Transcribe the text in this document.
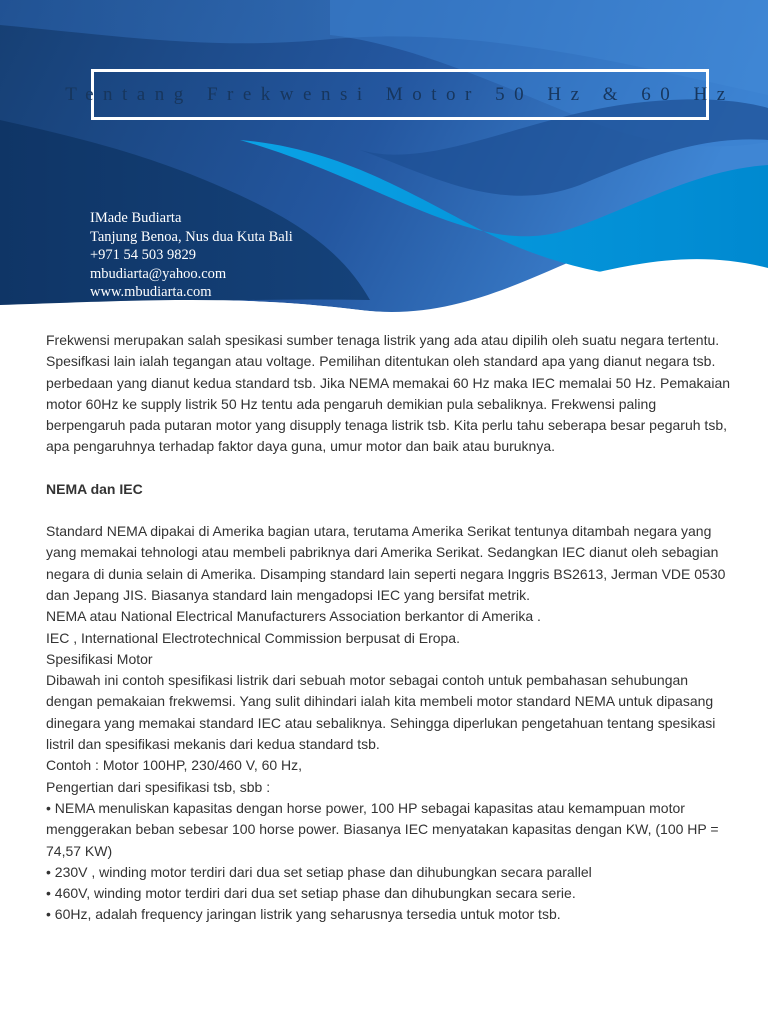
Tentang Frekwensi Motor 50 Hz & 60 Hz
IMade Budiarta
Tanjung Benoa, Nus dua Kuta Bali
+971 54 503 9829
mbudiarta@yahoo.com
www.mbudiarta.com

Frekwensi merupakan salah spesikasi sumber tenaga listrik yang ada atau dipilih oleh suatu negara tertentu. Spesifkasi lain ialah tegangan atau voltage. Pemilihan ditentukan oleh standard apa yang dianut negara tsb. perbedaan yang dianut kedua standard tsb. Jika NEMA memakai 60 Hz maka IEC memalai 50 Hz. Pemakaian motor 60Hz ke supply listrik 50 Hz tentu ada pengaruh demikian pula sebaliknya. Frekwensi paling berpengaruh pada putaran motor yang disupply tenaga listrik tsb. Kita perlu tahu seberapa besar pegaruh tsb, apa pengaruhnya terhadap faktor daya guna, umur motor dan baik atau buruknya.

NEMA dan IEC

Standard NEMA dipakai di Amerika bagian utara, terutama Amerika Serikat tentunya ditambah negara yang yang memakai tehnologi atau membeli pabriknya dari Amerika Serikat. Sedangkan IEC dianut oleh sebagian negara di dunia selain di Amerika. Disamping standard lain seperti negara Inggris BS2613, Jerman VDE 0530 dan Jepang JIS. Biasanya standard lain mengadopsi IEC yang bersifat metrik.

NEMA atau National Electrical Manufacturers Association berkantor di Amerika .

IEC , International Electrotechnical Commission berpusat di Eropa.

Spesifikasi Motor

Dibawah ini contoh spesifikasi listrik dari sebuah motor sebagai contoh untuk pembahasan sehubungan dengan pemakaian frekwemsi. Yang sulit dihindari ialah kita membeli motor standard NEMA untuk dipasang dinegara yang memakai standard IEC atau sebaliknya. Sehingga diperlukan pengetahuan tentang spesikasi listril dan spesifikasi mekanis dari kedua standard tsb.

Contoh : Motor 100HP, 230/460 V, 60 Hz,

Pengertian dari spesifikasi tsb, sbb :

• NEMA menuliskan kapasitas dengan horse power, 100 HP sebagai kapasitas atau kemampuan motor menggerakan beban sebesar 100 horse power. Biasanya IEC menyatakan kapasitas dengan KW, (100 HP = 74,57 KW)

• 230V , winding motor terdiri dari dua set setiap phase dan dihubungkan secara parallel

• 460V, winding motor terdiri dari dua set setiap phase dan dihubungkan secara serie.

• 60Hz, adalah frequency jaringan listrik yang seharusnya tersedia untuk motor tsb.
